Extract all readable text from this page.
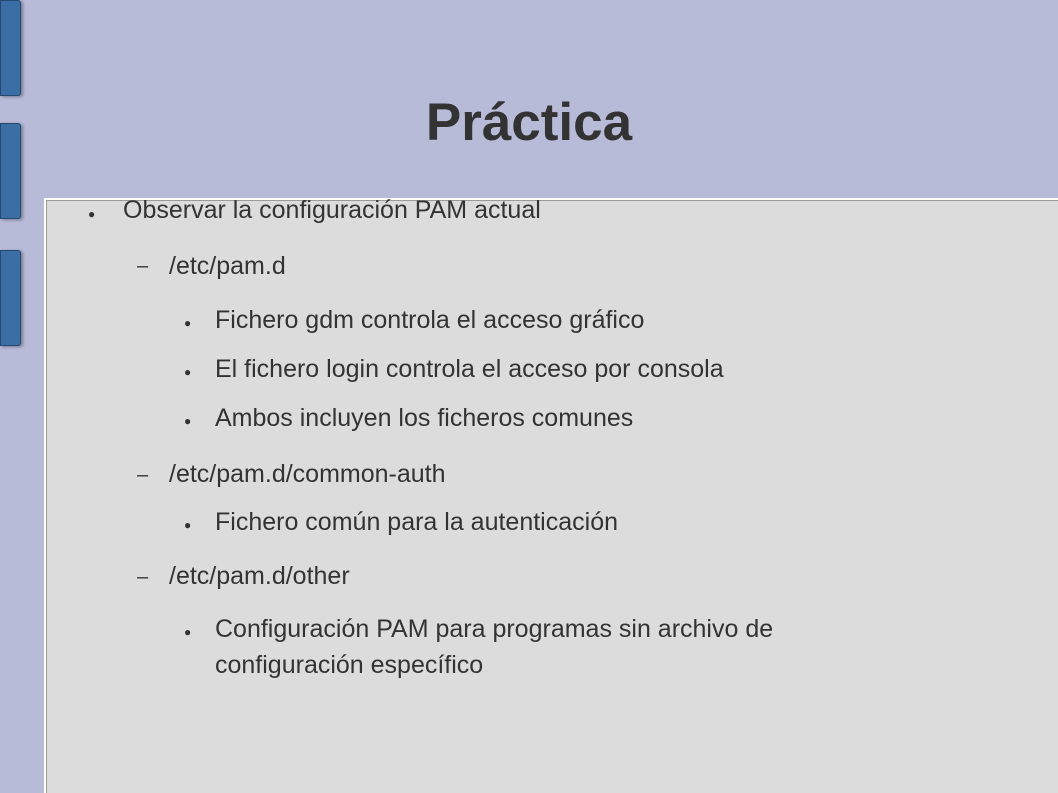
Práctica
● Observar la configuración PAM actual
– /etc/pam.d
● Fichero gdm controla el acceso gráfico
● El fichero login controla el acceso por consola
● Ambos incluyen los ficheros comunes
– /etc/pam.d/common-auth
● Fichero común para la autenticación
– /etc/pam.d/other
● Configuración PAM para programas sin archivo de
configuración específico
